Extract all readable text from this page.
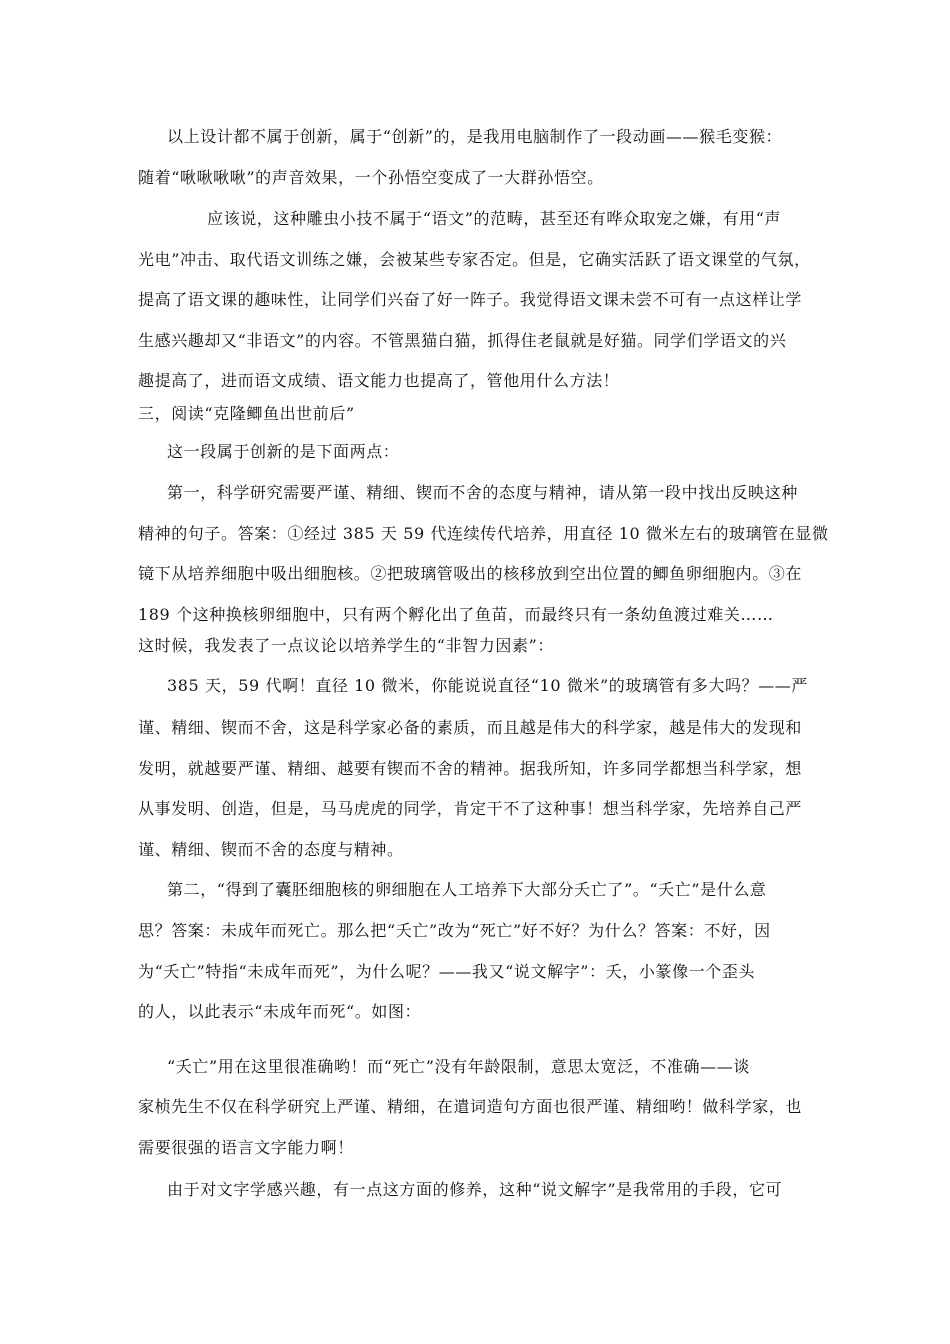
以上设计都不属于创新，属于“创新”的，是我用电脑制作了一段动画——猴毛变猴：
随着“啾啾啾啾”的声音效果，一个孙悟空变成了一大群孙悟空。
应该说，这种雕虫小技不属于“语文”的范畴，甚至还有哗众取宠之嫌，有用“声
光电”冲击、取代语文训练之嫌，会被某些专家否定。但是，它确实活跃了语文课堂的气氛，
提高了语文课的趣味性，让同学们兴奋了好一阵子。我觉得语文课未尝不可有一点这样让学
生感兴趣却又“非语文”的内容。不管黑猫白猫，抓得住老鼠就是好猫。同学们学语文的兴
趣提高了，进而语文成绩、语文能力也提高了，管他用什么方法！
三，阅读“克隆鲫鱼出世前后”
这一段属于创新的是下面两点：
第一，科学研究需要严谨、精细、锲而不舍的态度与精神，请从第一段中找出反映这种
精神的句子。答案：①经过 385 天 59 代连续传代培养，用直径 10 微米左右的玻璃管在显微
镜下从培养细胞中吸出细胞核。②把玻璃管吸出的核移放到空出位置的鲫鱼卵细胞内。③在
189 个这种换核卵细胞中，只有两个孵化出了鱼苗，而最终只有一条幼鱼渡过难关……
这时候，我发表了一点议论以培养学生的“非智力因素”：
385 天，59 代啊！直径 10 微米，你能说说直径“10 微米”的玻璃管有多大吗？——严
谨、精细、锲而不舍，这是科学家必备的素质，而且越是伟大的科学家，越是伟大的发现和
发明，就越要严谨、精细、越要有锲而不舍的精神。据我所知，许多同学都想当科学家，想
从事发明、创造，但是，马马虎虎的同学，肯定干不了这种事！想当科学家，先培养自己严
谨、精细、锲而不舍的态度与精神。
第二，“得到了囊胚细胞核的卵细胞在人工培养下大部分夭亡了”。“夭亡”是什么意
思？答案：未成年而死亡。那么把“夭亡”改为“死亡”好不好？为什么？答案：不好，因
为“夭亡”特指“未成年而死”，为什么呢？——我又“说文解字”：夭，小篆像一个歪头
的人，以此表示“未成年而死“。如图：
“夭亡”用在这里很准确哟！而“死亡”没有年龄限制，意思太宽泛，不准确——谈
家桢先生不仅在科学研究上严谨、精细，在遣词造句方面也很严谨、精细哟！做科学家，也
需要很强的语言文字能力啊！
由于对文字学感兴趣，有一点这方面的修养，这种“说文解字”是我常用的手段，它可
